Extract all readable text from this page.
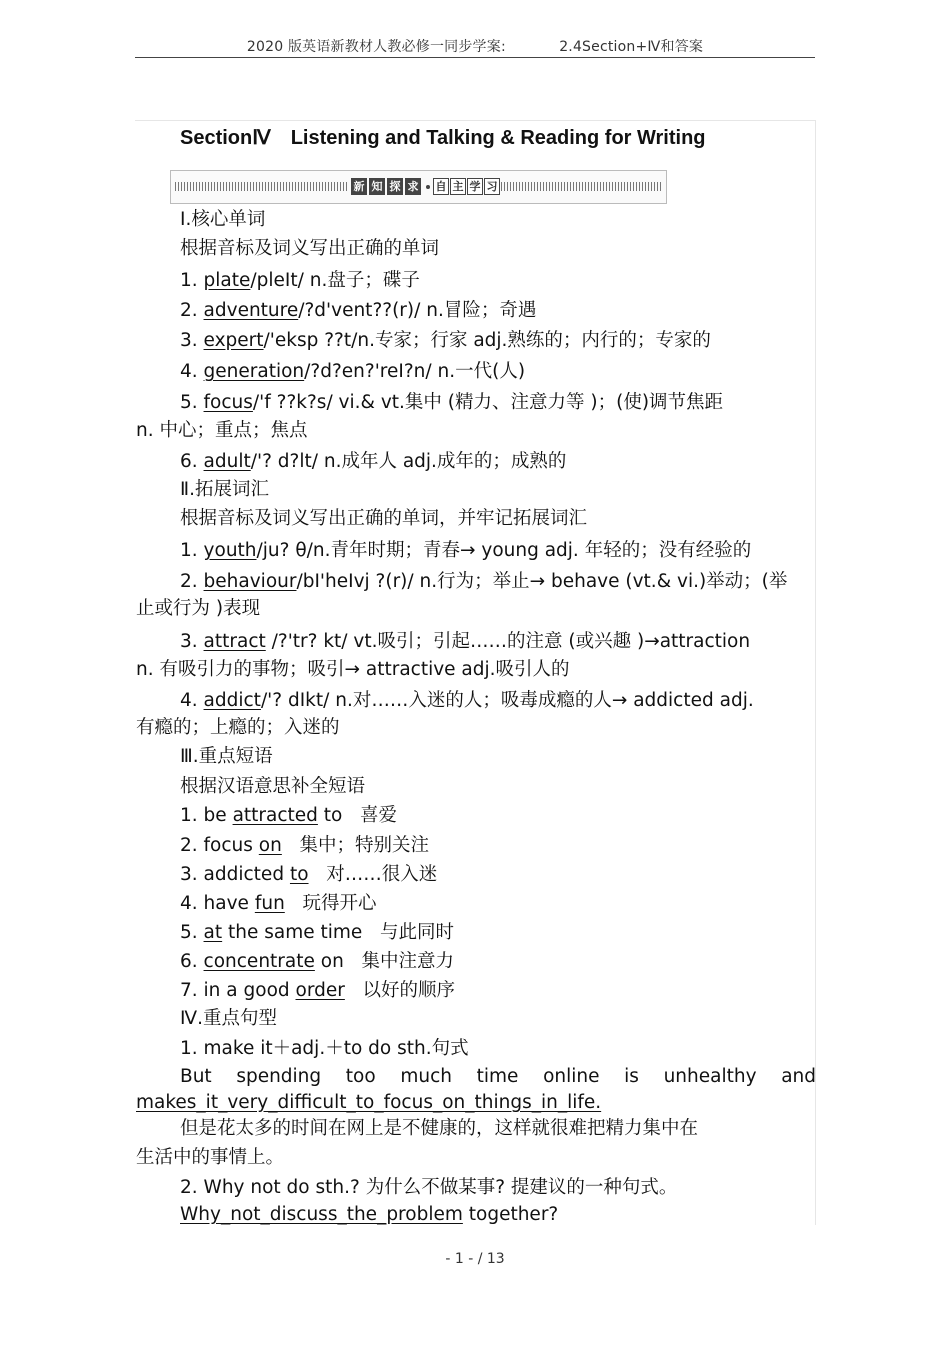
2020 版英语新教材人教必修一同步学案:	2.4Section+Ⅳ和答案
SectionⅣ　Listening and Talking & Reading for Writing
新 知 探 求 自 主 学 习
Ⅰ.核心单词
根据音标及词义写出正确的单词
1. plate/pleIt/ n.盘子；碟子
2. adventure/?d'vent??(r)/ n.冒险；奇遇
3. expert/'eksp ??t/n.专家；行家 adj.熟练的；内行的；专家的
4. generation/?d?en?'reI?n/ n.一代(人)
5. focus/'f ??k?s/ vi.& vt.集中 (精力、注意力等 )；(使)调节焦距
n. 中心；重点；焦点
6. adult/'? d?lt/ n.成年人 adj.成年的；成熟的
Ⅱ.拓展词汇
根据音标及词义写出正确的单词，并牢记拓展词汇
1. youth/ju? θ/n.青年时期；青春→ young adj. 年轻的；没有经验的
2. behaviour/bI'heIvj ?(r)/ n.行为；举止→ behave (vt.& vi.)举动；(举
止或行为 )表现
3. attract /?'tr? kt/ vt.吸引；引起……的注意 (或兴趣 )→attraction
n. 有吸引力的事物；吸引→ attractive adj.吸引人的
4. addict/'? dIkt/ n.对……入迷的人；吸毒成瘾的人→ addicted adj.
有瘾的；上瘾的；入迷的
Ⅲ.重点短语
根据汉语意思补全短语
1. be attracted to 喜爱
2. focus on 集中；特别关注
3. addicted to 对……很入迷
4. have fun 玩得开心
5. at the same time 与此同时
6. concentrate on 集中注意力
7. in a good order 以好的顺序
Ⅳ.重点句型
1. make it＋adj.＋to do sth.句式
But spending too much time online is unhealthy and
makes_it_very_difficult_to_focus_on_things_in_life.
但是花太多的时间在网上是不健康的，这样就很难把精力集中在
生活中的事情上。
2. Why not do sth.? 为什么不做某事? 提建议的一种句式。
Why_not_discuss_the_problem together?
- 1 - / 13
